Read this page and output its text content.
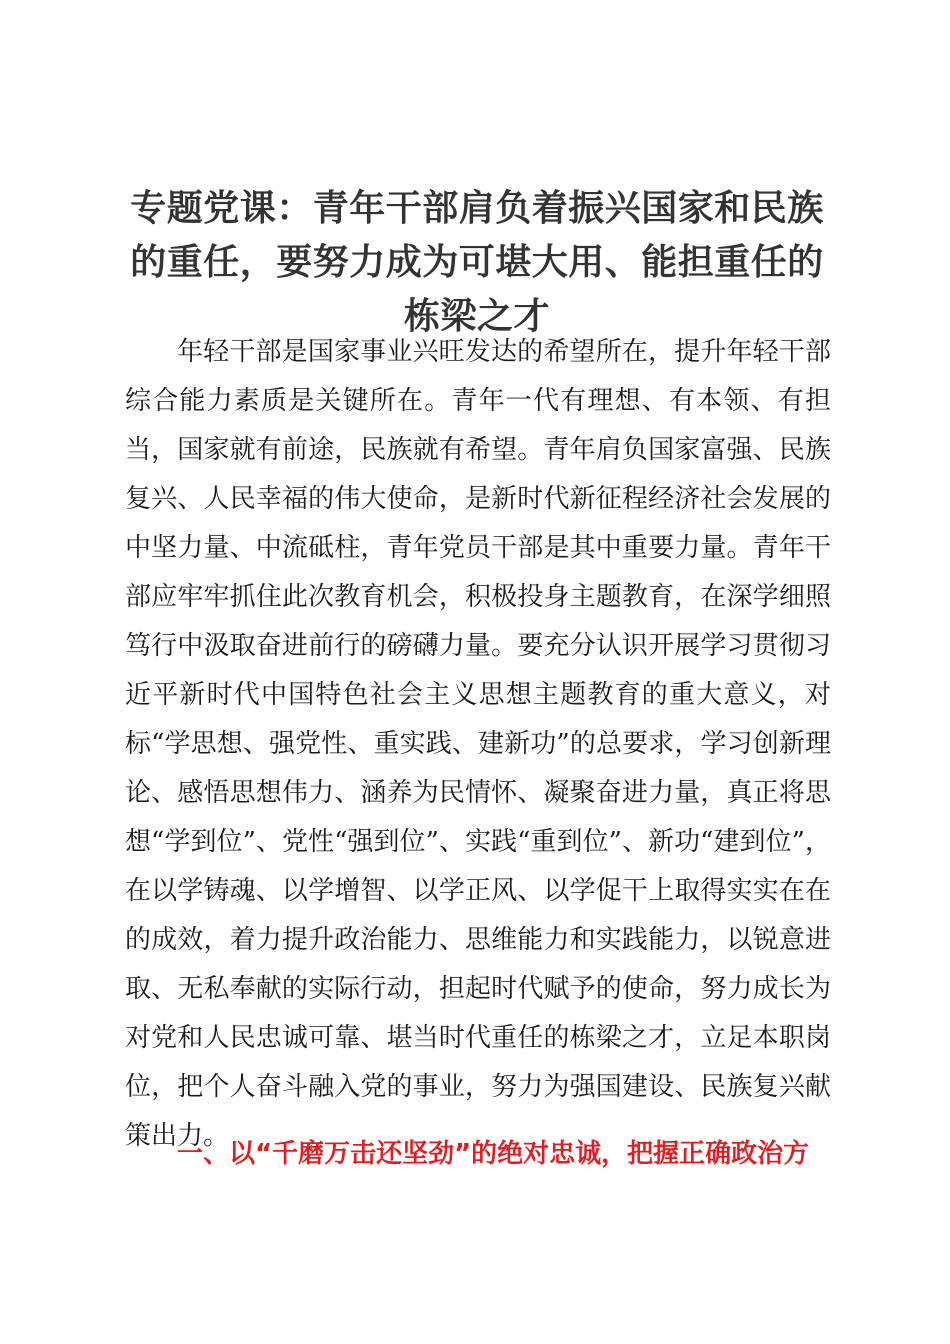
专题党课：青年干部肩负着振兴国家和民族的重任，要努力成为可堪大用、能担重任的栋梁之才

年轻干部是国家事业兴旺发达的希望所在，提升年轻干部综合能力素质是关键所在。青年一代有理想、有本领、有担当，国家就有前途，民族就有希望。青年肩负国家富强、民族复兴、人民幸福的伟大使命，是新时代新征程经济社会发展的中坚力量、中流砥柱，青年党员干部是其中重要力量。青年干部应牢牢抓住此次教育机会，积极投身主题教育，在深学细照笃行中汲取奋进前行的磅礴力量。要充分认识开展学习贯彻习近平新时代中国特色社会主义思想主题教育的重大意义，对标“学思想、强党性、重实践、建新功”的总要求，学习创新理论、感悟思想伟力、涵养为民情怀、凝聚奋进力量，真正将思想“学到位”、党性“强到位”、实践“重到位”、新功“建到位”，在以学铸魂、以学增智、以学正风、以学促干上取得实实在在的成效，着力提升政治能力、思维能力和实践能力，以锐意进取、无私奉献的实际行动，担起时代赋予的使命，努力成长为对党和人民忠诚可靠、堪当时代重任的栋梁之才，立足本职岗位，把个人奋斗融入党的事业，努力为强国建设、民族复兴献策出力。

一、以“千磨万击还坚劲”的绝对忠诚，把握正确政治方
